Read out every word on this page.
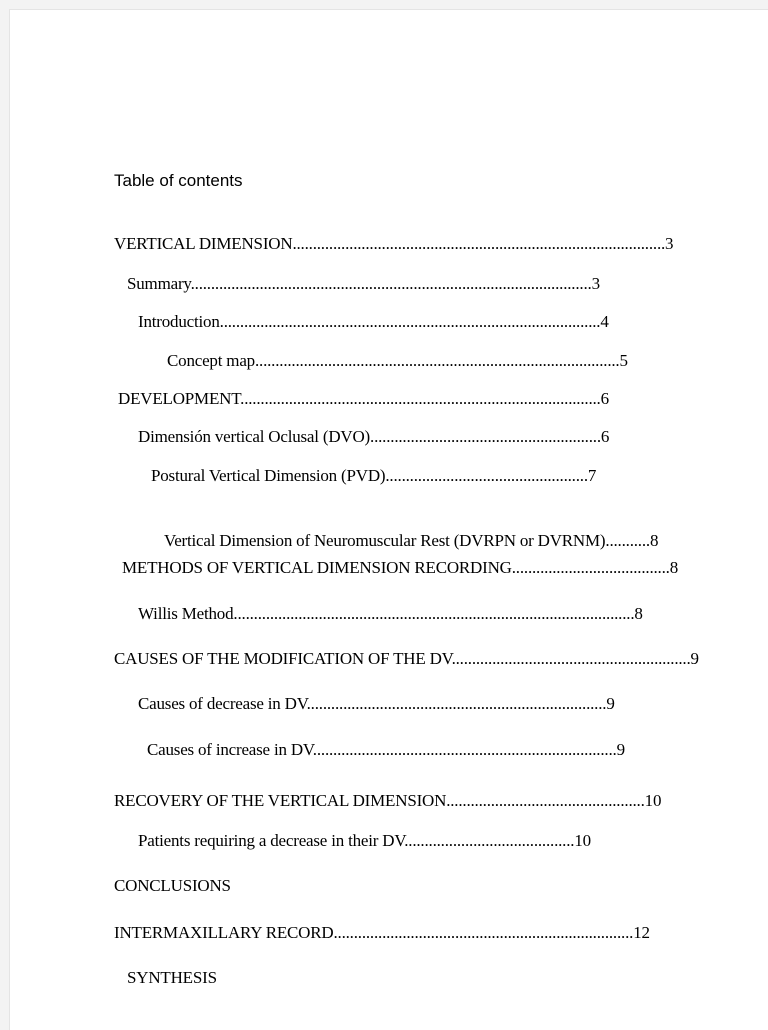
Table of contents
VERTICAL DIMENSION............................................................................................3
Summary...................................................................................................3
Introduction..............................................................................................4
Concept map..........................................................................................5
DEVELOPMENT.........................................................................................6
Dimensión vertical Oclusal (DVO).........................................................6
Postural Vertical Dimension (PVD)..................................................7
Vertical Dimension of Neuromuscular Rest (DVRPN or DVRNM)...........8
METHODS OF VERTICAL DIMENSION RECORDING.......................................8
Willis Method...................................................................................................8
CAUSES OF THE MODIFICATION OF THE DV...........................................................9
Causes of decrease in DV..........................................................................9
Causes of increase in DV...........................................................................9
RECOVERY OF THE VERTICAL DIMENSION.................................................10
Patients requiring a decrease in their DV..........................................10
CONCLUSIONS
INTERMAXILLARY RECORD..........................................................................12
SYNTHESIS
